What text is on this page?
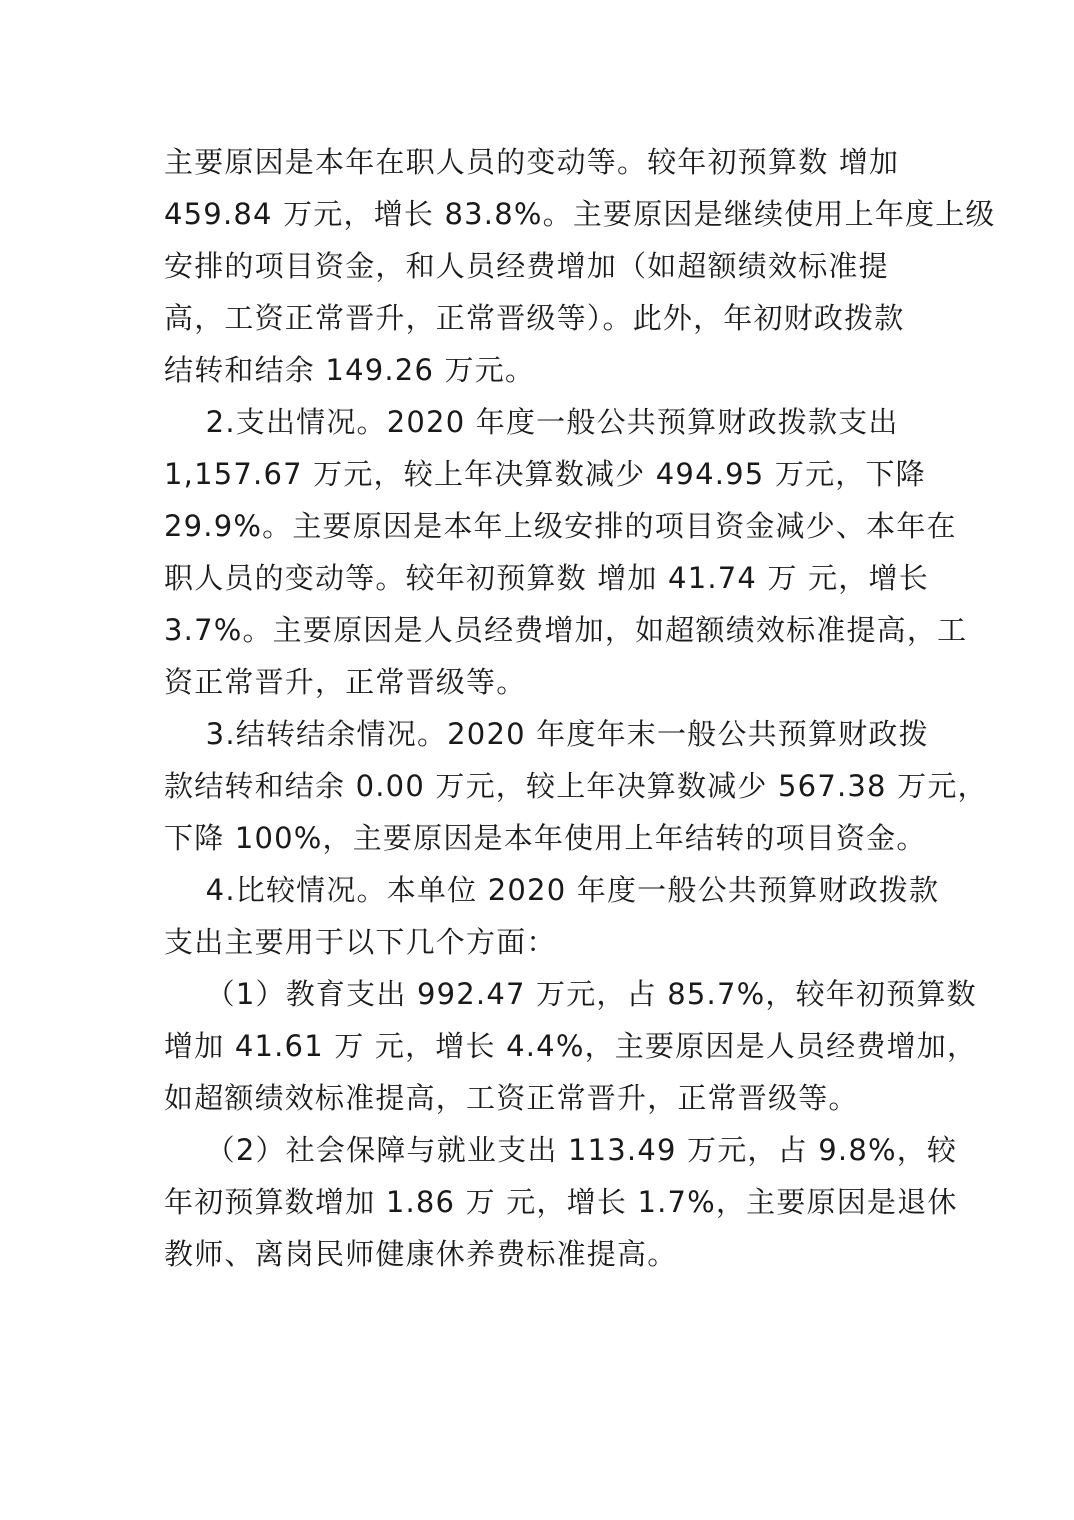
主要原因是本年在职人员的变动等。较年初预算数 增加
459.84 万元，增长 83.8%。主要原因是继续使用上年度上级
安排的项目资金，和人员经费增加（如超额绩效标准提
高，工资正常晋升，正常晋级等）。此外，年初财政拨款
结转和结余 149.26 万元。
2.支出情况。2020 年度一般公共预算财政拨款支出
1,157.67 万元，较上年决算数减少 494.95 万元，下降
29.9%。主要原因是本年上级安排的项目资金减少、本年在
职人员的变动等。较年初预算数 增加 41.74 万 元，增长
3.7%。主要原因是人员经费增加，如超额绩效标准提高，工
资正常晋升，正常晋级等。
3.结转结余情况。2020 年度年末一般公共预算财政拨
款结转和结余 0.00 万元，较上年决算数减少 567.38 万元，
下降 100%，主要原因是本年使用上年结转的项目资金。
4.比较情况。本单位 2020 年度一般公共预算财政拨款
支出主要用于以下几个方面：
（1）教育支出 992.47 万元，占 85.7%，较年初预算数
增加 41.61 万 元，增长 4.4%，主要原因是人员经费增加，
如超额绩效标准提高，工资正常晋升，正常晋级等。
（2）社会保障与就业支出 113.49 万元，占 9.8%，较
年初预算数增加 1.86 万 元，增长 1.7%，主要原因是退休
教师、离岗民师健康休养费标准提高。
